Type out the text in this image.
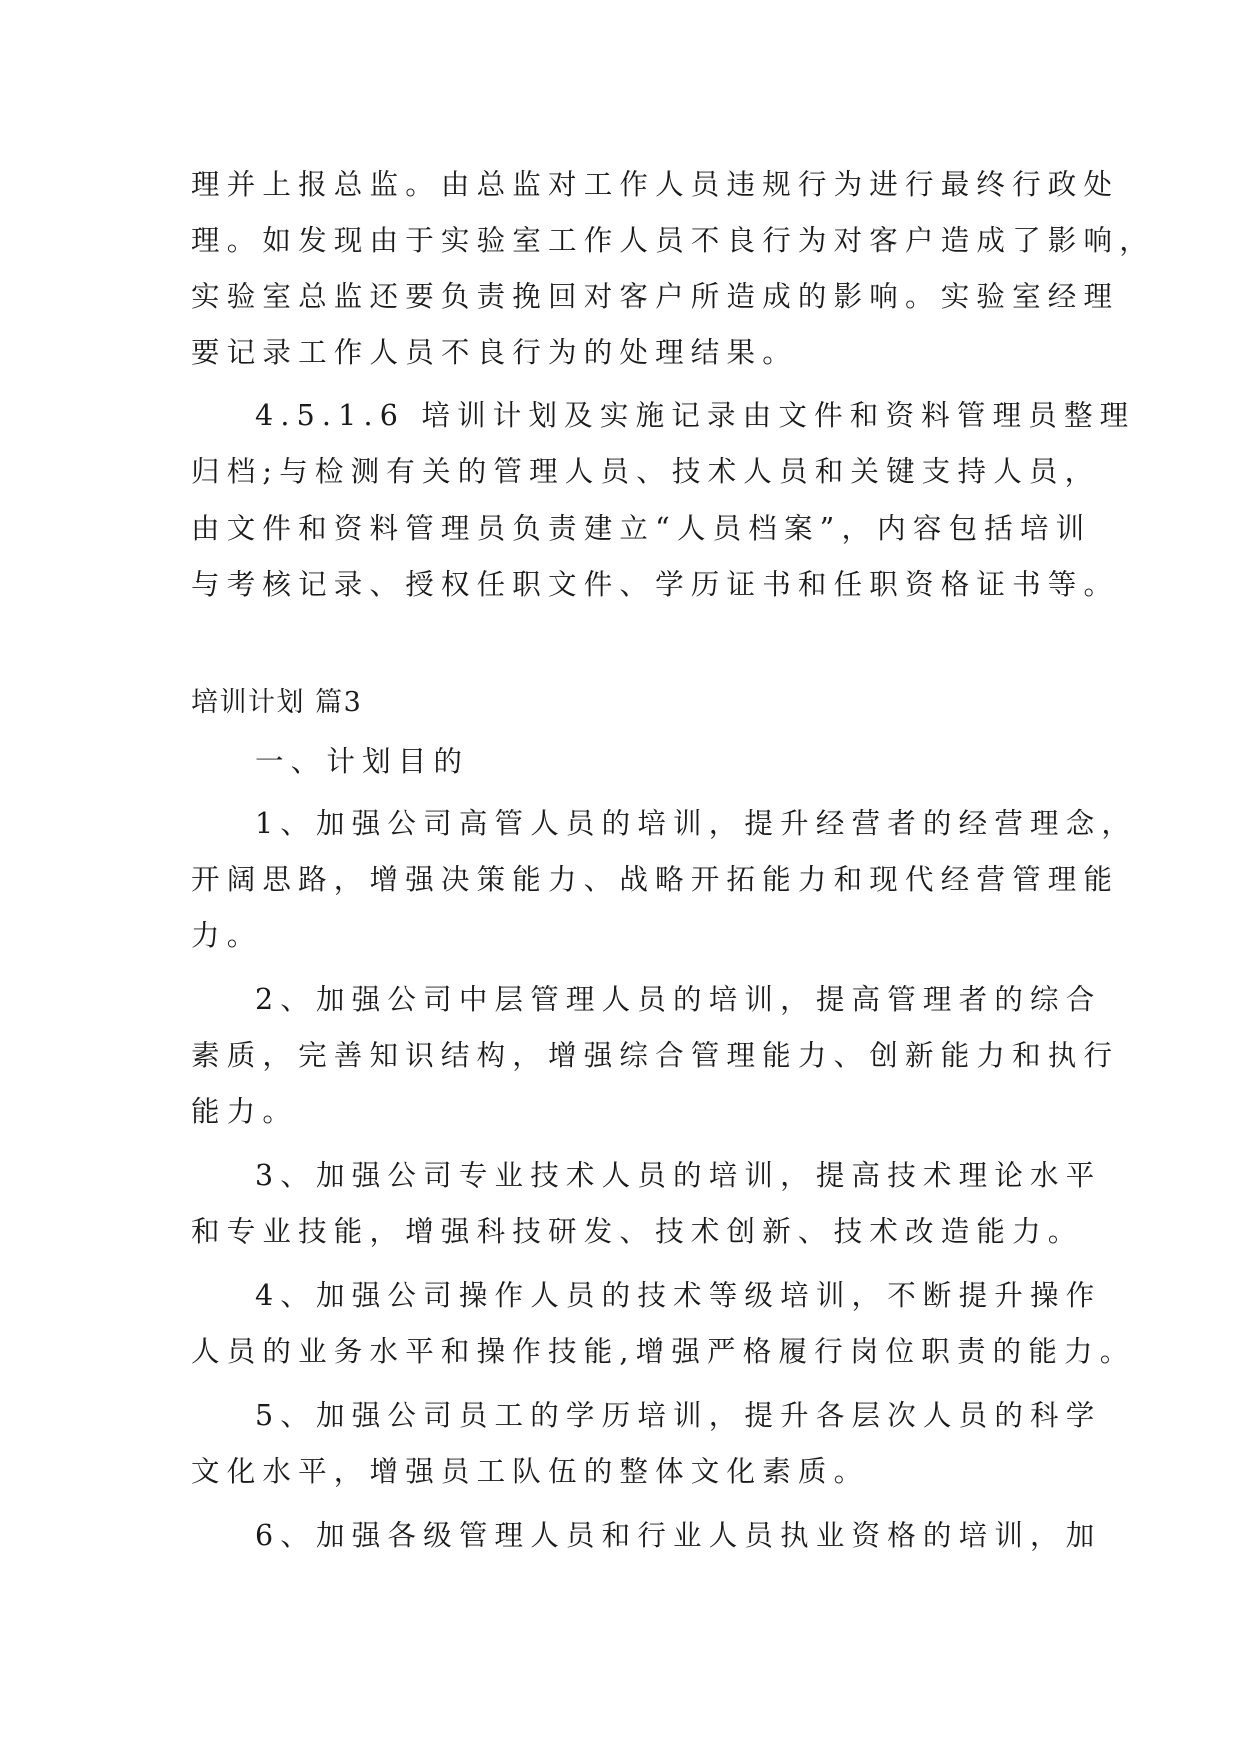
理并上报总监。由总监对工作人员违规行为进行最终行政处
理。如发现由于实验室工作人员不良行为对客户造成了影响，
实验室总监还要负责挽回对客户所造成的影响。实验室经理
要记录工作人员不良行为的处理结果。
4.5.1.6 培训计划及实施记录由文件和资料管理员整理
归档;与检测有关的管理人员、技术人员和关键支持人员，
由文件和资料管理员负责建立“人员档案”，内容包括培训
与考核记录、授权任职文件、学历证书和任职资格证书等。
培训计划 篇3
一、计划目的
1、加强公司高管人员的培训，提升经营者的经营理念，
开阔思路，增强决策能力、战略开拓能力和现代经营管理能
力。
2、加强公司中层管理人员的培训，提高管理者的综合
素质，完善知识结构，增强综合管理能力、创新能力和执行
能力。
3、加强公司专业技术人员的培训，提高技术理论水平
和专业技能，增强科技研发、技术创新、技术改造能力。
4、加强公司操作人员的技术等级培训，不断提升操作
人员的业务水平和操作技能,增强严格履行岗位职责的能力。
5、加强公司员工的学历培训，提升各层次人员的科学
文化水平，增强员工队伍的整体文化素质。
6、加强各级管理人员和行业人员执业资格的培训，加
